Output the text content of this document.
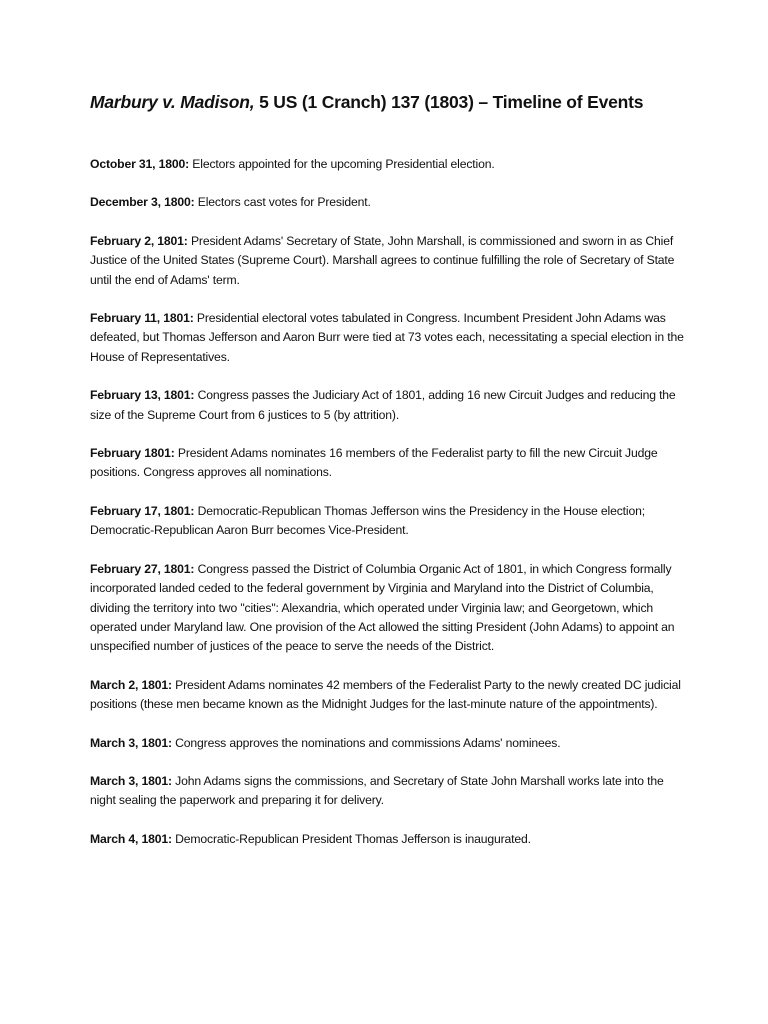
Marbury v. Madison, 5 US (1 Cranch) 137 (1803) – Timeline of Events

October 31, 1800: Electors appointed for the upcoming Presidential election.

December 3, 1800: Electors cast votes for President.

February 2, 1801: President Adams' Secretary of State, John Marshall, is commissioned and sworn in as Chief Justice of the United States (Supreme Court). Marshall agrees to continue fulfilling the role of Secretary of State until the end of Adams' term.

February 11, 1801: Presidential electoral votes tabulated in Congress. Incumbent President John Adams was defeated, but Thomas Jefferson and Aaron Burr were tied at 73 votes each, necessitating a special election in the House of Representatives.

February 13, 1801: Congress passes the Judiciary Act of 1801, adding 16 new Circuit Judges and reducing the size of the Supreme Court from 6 justices to 5 (by attrition).

February 1801: President Adams nominates 16 members of the Federalist party to fill the new Circuit Judge positions. Congress approves all nominations.

February 17, 1801: Democratic-Republican Thomas Jefferson wins the Presidency in the House election; Democratic-Republican Aaron Burr becomes Vice-President.

February 27, 1801: Congress passed the District of Columbia Organic Act of 1801, in which Congress formally incorporated landed ceded to the federal government by Virginia and Maryland into the District of Columbia, dividing the territory into two "cities": Alexandria, which operated under Virginia law; and Georgetown, which operated under Maryland law. One provision of the Act allowed the sitting President (John Adams) to appoint an unspecified number of justices of the peace to serve the needs of the District.

March 2, 1801: President Adams nominates 42 members of the Federalist Party to the newly created DC judicial positions (these men became known as the Midnight Judges for the last-minute nature of the appointments).

March 3, 1801: Congress approves the nominations and commissions Adams' nominees.

March 3, 1801: John Adams signs the commissions, and Secretary of State John Marshall works late into the night sealing the paperwork and preparing it for delivery.

March 4, 1801: Democratic-Republican President Thomas Jefferson is inaugurated.
